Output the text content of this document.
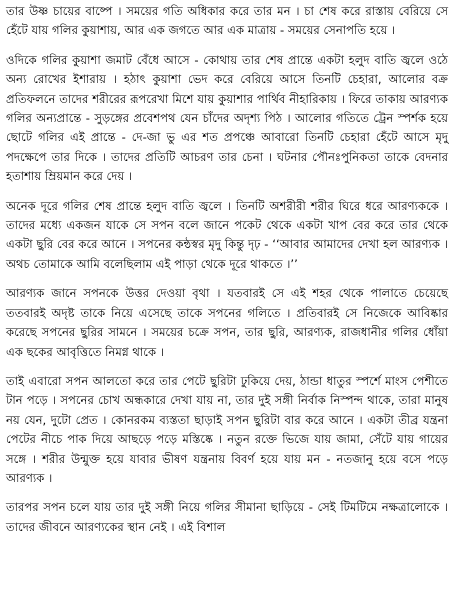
তার উষ্ণ চায়ের বাষ্পে । সময়ের গতি অধিকার করে তার মন । চা শেষ করে রাস্তায় বেরিয়ে সে হেঁটে যায় গলির কুয়াশায়, আর এক জগতে আর এক মাত্রায় - সময়ের সেনাপতি হয়ে ।

ওদিকে গলির কুয়াশা জমাট বেঁধে আসে - কোথায় তার শেষ প্রান্তে একটা হলুদ বাতি জ্বলে ওঠে অন্য রোখের ইশারায় । হঠাৎ কুয়াশা ভেদ করে বেরিয়ে আসে তিনটি চেহারা, আলোর বক্র প্রতিফলনে তাদের শরীরের রূপরেখা মিশে যায় কুয়াশার পার্থিব নীহারিকায় । ফিরে তাকায় আরণ্যক গলির অন্যপ্রান্তে - সুড়ঙ্গের প্রবেশপথ যেন চাঁদের অদৃশ্য পিঠ । আলোর গতিতে ট্রেন স্পর্শক হয়ে ছোটে গলির এই প্রান্তে - দে-জা ভু এর শত প্রপঞ্চে আবারো তিনটি চেহারা হেঁটে আসে মৃদু পদক্ষেপে তার দিকে । তাদের প্রতিটি আচরণ তার চেনা । ঘটনার পৌনঃপুনিকতা তাকে বেদনার হতাশায় ম্রিয়মান করে দেয় ।

অনেক দূরে গলির শেষ প্রান্তে হলুদ বাতি জ্বলে । তিনটি অশরীরী শরীর ঘিরে ধরে আরণ্যককে । তাদের মধ্যে একজন যাকে সে সপন বলে জানে পকেট থেকে একটা খাপ বের করে তার থেকে একটা ছুরি বের করে আনে । সপনের কন্ঠস্বর মৃদু কিন্তু দৃঢ় - ‘‘আবার আমাদের দেখা হল আরণ্যক । অথচ তোমাকে আমি বলেছিলাম এই পাড়া থেকে দূরে থাকতে ।’’

আরণ্যক জানে সপনকে উত্তর দেওয়া বৃথা । যতবারই সে এই শহর থেকে পালাতে চেয়েছে ততবারই অদৃষ্ট তাকে নিয়ে এসেছে তাকে সপনের গলিতে । প্রতিবারই সে নিজেকে আবিষ্কার করেছে সপনের ছুরির সামনে । সময়ের চক্রে সপন, তার ছুরি, আরণ্যক, রাজধানীর গলির ধোঁয়া এক ছকের আবৃত্তিতে নিমগ্ন থাকে ।

তাই এবারো সপন আলতো করে তার পেটে ছুরিটা ঢুকিয়ে দেয়, ঠান্ডা ধাতুর স্পর্শে মাংস পেশীতে টান পড়ে । সপনের চোখ অন্ধকারে দেখা যায় না, তার দুই সঙ্গী নির্বাক নিস্পন্দ থাকে, তারা মানুষ নয় যেন, দুটো প্রেত । কোনরকম ব্যস্ততা ছাড়াই সপন ছুরিটা বার করে আনে । একটা তীব্র যন্ত্রনা পেটের নীচে পাক দিয়ে আছড়ে পড়ে মস্তিষ্কে । নতুন রক্তে ভিজে যায় জামা, সেঁটে যায় গায়ের সঙ্গে । শরীর উন্মুক্ত হয়ে যাবার ভীষণ যন্ত্রনায় বিবর্ণ হয়ে যায় মন - নতজানু হয়ে বসে পড়ে আরণ্যক ।

তারপর সপন চলে যায় তার দুই সঙ্গী নিয়ে গলির সীমানা ছাড়িয়ে - সেই টিমটিমে নক্ষত্রালোকে । তাদের জীবনে আরণ্যকের স্থান নেই । এই বিশাল
